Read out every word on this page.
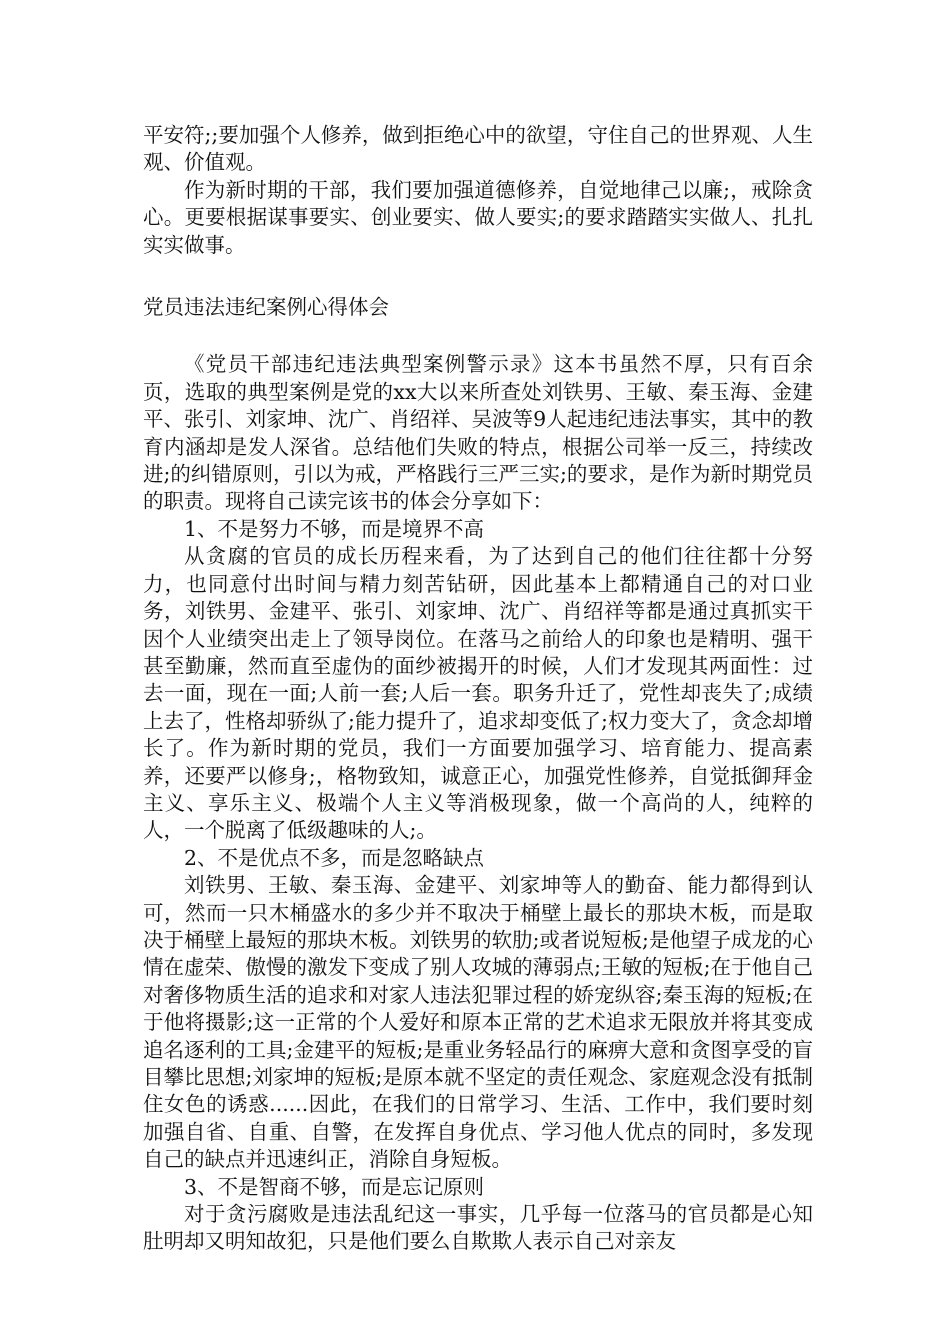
平安符;;要加强个人修养，做到拒绝心中的欲望，守住自己的世界观、人生观、价值观。

作为新时期的干部，我们要加强道德修养，自觉地律己以廉;，戒除贪心。更要根据谋事要实、创业要实、做人要实;的要求踏踏实实做人、扎扎实实做事。

党员违法违纪案例心得体会

《党员干部违纪违法典型案例警示录》这本书虽然不厚，只有百余页，选取的典型案例是党的xx大以来所查处刘铁男、王敏、秦玉海、金建平、张引、刘家坤、沈广、肖绍祥、吴波等9人起违纪违法事实，其中的教育内涵却是发人深省。总结他们失败的特点，根据公司举一反三，持续改进;的纠错原则，引以为戒，严格践行三严三实;的要求，是作为新时期党员的职责。现将自己读完该书的体会分享如下：

1、不是努力不够，而是境界不高

从贪腐的官员的成长历程来看，为了达到自己的他们往往都十分努力，也同意付出时间与精力刻苦钻研，因此基本上都精通自己的对口业务，刘铁男、金建平、张引、刘家坤、沈广、肖绍祥等都是通过真抓实干因个人业绩突出走上了领导岗位。在落马之前给人的印象也是精明、强干甚至勤廉，然而直至虚伪的面纱被揭开的时候，人们才发现其两面性：过去一面，现在一面;人前一套;人后一套。职务升迁了，党性却丧失了;成绩上去了，性格却骄纵了;能力提升了，追求却变低了;权力变大了，贪念却增长了。作为新时期的党员，我们一方面要加强学习、培育能力、提高素养，还要严以修身;，格物致知，诚意正心，加强党性修养，自觉抵御拜金主义、享乐主义、极端个人主义等消极现象，做一个高尚的人，纯粹的人，一个脱离了低级趣味的人;。

2、不是优点不多，而是忽略缺点

刘铁男、王敏、秦玉海、金建平、刘家坤等人的勤奋、能力都得到认可，然而一只木桶盛水的多少并不取决于桶壁上最长的那块木板，而是取决于桶壁上最短的那块木板。刘铁男的软肋;或者说短板;是他望子成龙的心情在虚荣、傲慢的激发下变成了别人攻城的薄弱点;王敏的短板;在于他自己对奢侈物质生活的追求和对家人违法犯罪过程的娇宠纵容;秦玉海的短板;在于他将摄影;这一正常的个人爱好和原本正常的艺术追求无限放并将其变成追名逐利的工具;金建平的短板;是重业务轻品行的麻痹大意和贪图享受的盲目攀比思想;刘家坤的短板;是原本就不坚定的责任观念、家庭观念没有抵制住女色的诱惑......因此，在我们的日常学习、生活、工作中，我们要时刻加强自省、自重、自警，在发挥自身优点、学习他人优点的同时，多发现自己的缺点并迅速纠正，消除自身短板。

3、不是智商不够，而是忘记原则

对于贪污腐败是违法乱纪这一事实，几乎每一位落马的官员都是心知肚明却又明知故犯，只是他们要么自欺欺人表示自己对亲友
